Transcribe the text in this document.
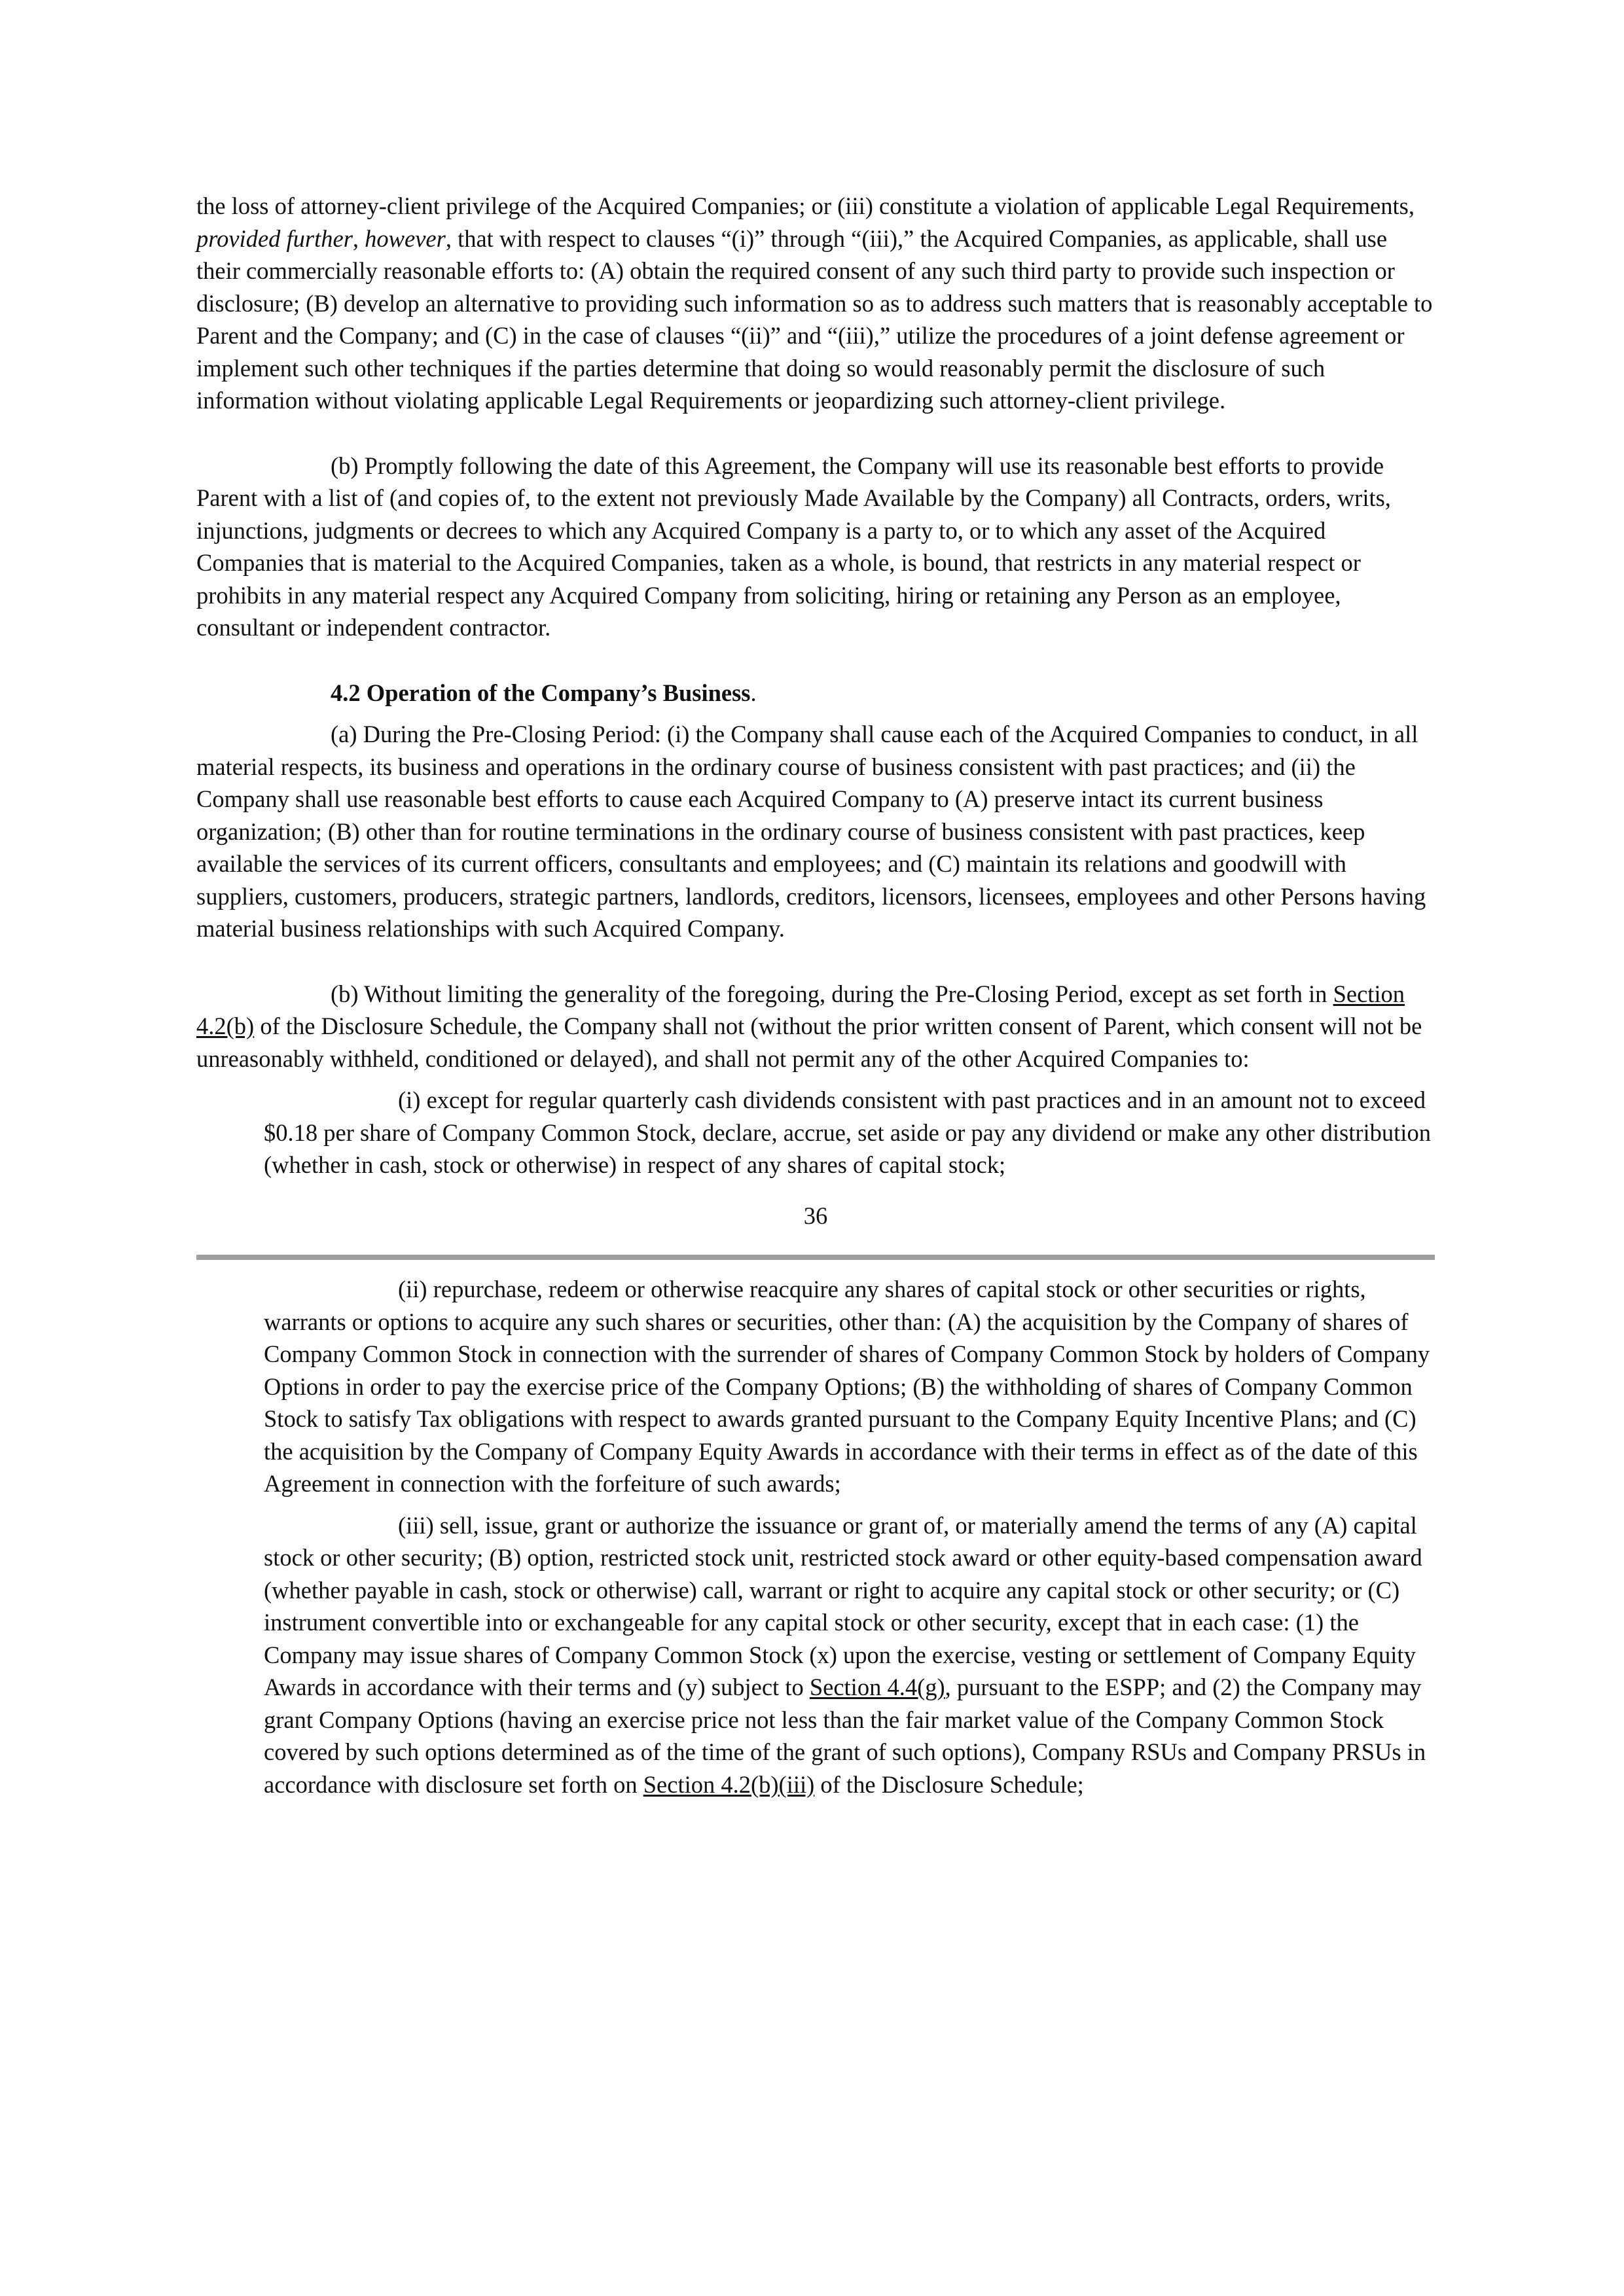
the loss of attorney-client privilege of the Acquired Companies; or (iii) constitute a violation of applicable Legal Requirements, provided further, however, that with respect to clauses “(i)” through “(iii),” the Acquired Companies, as applicable, shall use their commercially reasonable efforts to: (A) obtain the required consent of any such third party to provide such inspection or disclosure; (B) develop an alternative to providing such information so as to address such matters that is reasonably acceptable to Parent and the Company; and (C) in the case of clauses “(ii)” and “(iii),” utilize the procedures of a joint defense agreement or implement such other techniques if the parties determine that doing so would reasonably permit the disclosure of such information without violating applicable Legal Requirements or jeopardizing such attorney-client privilege.

(b) Promptly following the date of this Agreement, the Company will use its reasonable best efforts to provide Parent with a list of (and copies of, to the extent not previously Made Available by the Company) all Contracts, orders, writs, injunctions, judgments or decrees to which any Acquired Company is a party to, or to which any asset of the Acquired Companies that is material to the Acquired Companies, taken as a whole, is bound, that restricts in any material respect or prohibits in any material respect any Acquired Company from soliciting, hiring or retaining any Person as an employee, consultant or independent contractor.

4.2 Operation of the Company’s Business.

(a) During the Pre-Closing Period: (i) the Company shall cause each of the Acquired Companies to conduct, in all material respects, its business and operations in the ordinary course of business consistent with past practices; and (ii) the Company shall use reasonable best efforts to cause each Acquired Company to (A) preserve intact its current business organization; (B) other than for routine terminations in the ordinary course of business consistent with past practices, keep available the services of its current officers, consultants and employees; and (C) maintain its relations and goodwill with suppliers, customers, producers, strategic partners, landlords, creditors, licensors, licensees, employees and other Persons having material business relationships with such Acquired Company.

(b) Without limiting the generality of the foregoing, during the Pre-Closing Period, except as set forth in Section 4.2(b) of the Disclosure Schedule, the Company shall not (without the prior written consent of Parent, which consent will not be unreasonably withheld, conditioned or delayed), and shall not permit any of the other Acquired Companies to:

(i) except for regular quarterly cash dividends consistent with past practices and in an amount not to exceed $0.18 per share of Company Common Stock, declare, accrue, set aside or pay any dividend or make any other distribution (whether in cash, stock or otherwise) in respect of any shares of capital stock;

36

(ii) repurchase, redeem or otherwise reacquire any shares of capital stock or other securities or rights, warrants or options to acquire any such shares or securities, other than: (A) the acquisition by the Company of shares of Company Common Stock in connection with the surrender of shares of Company Common Stock by holders of Company Options in order to pay the exercise price of the Company Options; (B) the withholding of shares of Company Common Stock to satisfy Tax obligations with respect to awards granted pursuant to the Company Equity Incentive Plans; and (C) the acquisition by the Company of Company Equity Awards in accordance with their terms in effect as of the date of this Agreement in connection with the forfeiture of such awards;

(iii) sell, issue, grant or authorize the issuance or grant of, or materially amend the terms of any (A) capital stock or other security; (B) option, restricted stock unit, restricted stock award or other equity-based compensation award (whether payable in cash, stock or otherwise) call, warrant or right to acquire any capital stock or other security; or (C) instrument convertible into or exchangeable for any capital stock or other security, except that in each case: (1) the Company may issue shares of Company Common Stock (x) upon the exercise, vesting or settlement of Company Equity Awards in accordance with their terms and (y) subject to Section 4.4(g), pursuant to the ESPP; and (2) the Company may grant Company Options (having an exercise price not less than the fair market value of the Company Common Stock covered by such options determined as of the time of the grant of such options), Company RSUs and Company PRSUs in accordance with disclosure set forth on Section 4.2(b)(iii) of the Disclosure Schedule;
